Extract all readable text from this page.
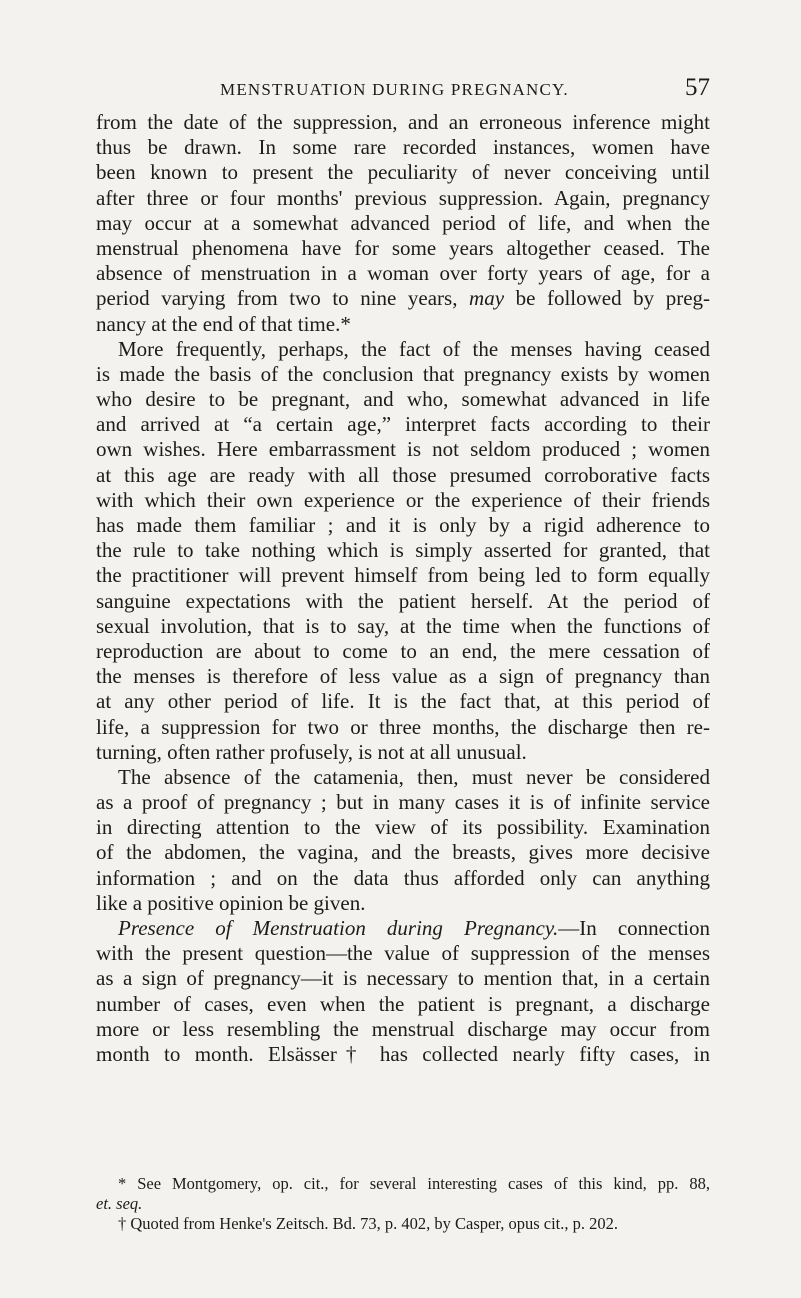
MENSTRUATION DURING PREGNANCY.	57
from the date of the suppression, and an erroneous inference might
thus be drawn. In some rare recorded instances, women have
been known to present the peculiarity of never conceiving until
after three or four months' previous suppression. Again, pregnancy
may occur at a somewhat advanced period of life, and when the
menstrual phenomena have for some years altogether ceased. The
absence of menstruation in a woman over forty years of age, for a
period varying from two to nine years, may be followed by preg-
nancy at the end of that time.*
More frequently, perhaps, the fact of the menses having ceased
is made the basis of the conclusion that pregnancy exists by women
who desire to be pregnant, and who, somewhat advanced in life
and arrived at “a certain age,” interpret facts according to their
own wishes. Here embarrassment is not seldom produced ; women
at this age are ready with all those presumed corroborative facts
with which their own experience or the experience of their friends
has made them familiar ; and it is only by a rigid adherence to
the rule to take nothing which is simply asserted for granted, that
the practitioner will prevent himself from being led to form equally
sanguine expectations with the patient herself. At the period of
sexual involution, that is to say, at the time when the functions of
reproduction are about to come to an end, the mere cessation of
the menses is therefore of less value as a sign of pregnancy than
at any other period of life. It is the fact that, at this period of
life, a suppression for two or three months, the discharge then re-
turning, often rather profusely, is not at all unusual.
The absence of the catamenia, then, must never be considered
as a proof of pregnancy ; but in many cases it is of infinite service
in directing attention to the view of its possibility. Examination
of the abdomen, the vagina, and the breasts, gives more decisive
information ; and on the data thus afforded only can anything
like a positive opinion be given.
Presence of Menstruation during Pregnancy.—In connection
with the present question—the value of suppression of the menses
as a sign of pregnancy—it is necessary to mention that, in a certain
number of cases, even when the patient is pregnant, a discharge
more or less resembling the menstrual discharge may occur from
month to month. Elsässer† has collected nearly fifty cases, in
* See Montgomery, op. cit., for several interesting cases of this kind, pp. 88,
et. seq.
† Quoted from Henke's Zeitsch. Bd. 73, p. 402, by Casper, opus cit., p. 202.
